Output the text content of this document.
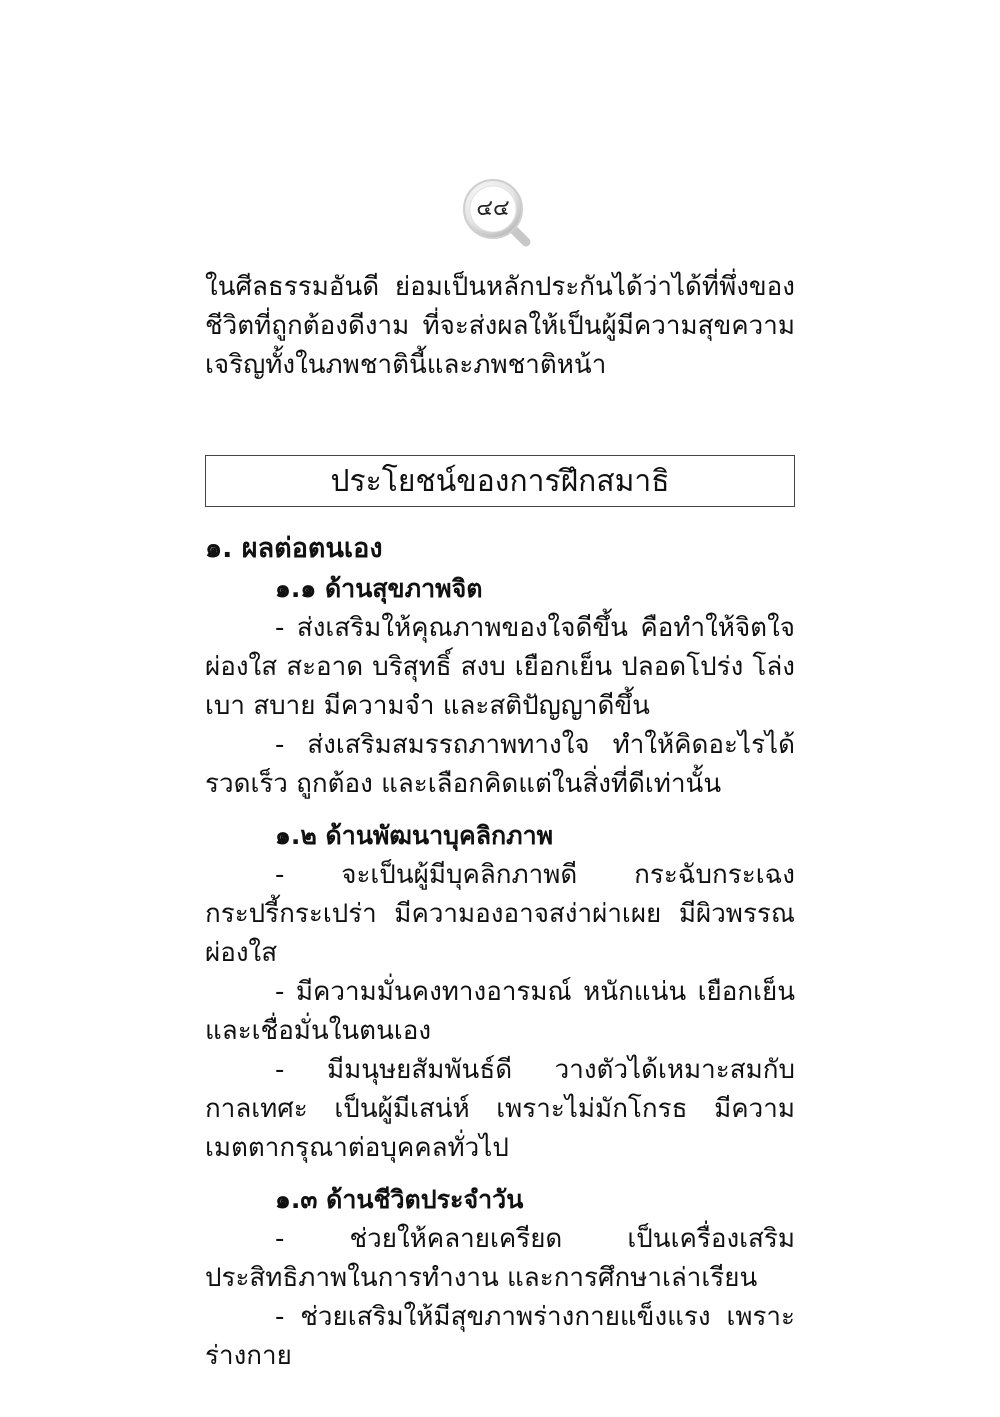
๔๔

ในศีลธรรมอันดี ย่อมเป็นหลักประกันได้ว่าได้ที่พึ่งของชีวิตที่ถูกต้องดีงาม ที่จะส่งผลให้เป็นผู้มีความสุขความเจริญทั้งในภพชาตินี้และภพชาติหน้า

ประโยชน์ของการฝึกสมาธิ
๑. ผลต่อตนเอง
๑.๑ ด้านสุขภาพจิต

- ส่งเสริมให้คุณภาพของใจดีขึ้น คือทำให้จิตใจผ่องใส สะอาด บริสุทธิ์ สงบ เยือกเย็น ปลอดโปร่ง โล่ง เบา สบาย มีความจำ และสติปัญญาดีขึ้น

- ส่งเสริมสมรรถภาพทางใจ ทำให้คิดอะไรได้รวดเร็ว ถูกต้อง และเลือกคิดแต่ในสิ่งที่ดีเท่านั้น

๑.๒ ด้านพัฒนาบุคลิกภาพ

- จะเป็นผู้มีบุคลิกภาพดี กระฉับกระเฉง กระปรี้กระเปร่า มีความองอาจสง่าผ่าเผย มีผิวพรรณผ่องใส

- มีความมั่นคงทางอารมณ์ หนักแน่น เยือกเย็นและเชื่อมั่นในตนเอง

- มีมนุษยสัมพันธ์ดี วางตัวได้เหมาะสมกับกาลเทศะ เป็นผู้มีเสน่ห์ เพราะไม่มักโกรธ มีความเมตตากรุณาต่อบุคคลทั่วไป

๑.๓ ด้านชีวิตประจำวัน

- ช่วยให้คลายเครียด เป็นเครื่องเสริมประสิทธิภาพในการทำงาน และการศึกษาเล่าเรียน

- ช่วยเสริมให้มีสุขภาพร่างกายแข็งแรง เพราะร่างกาย
